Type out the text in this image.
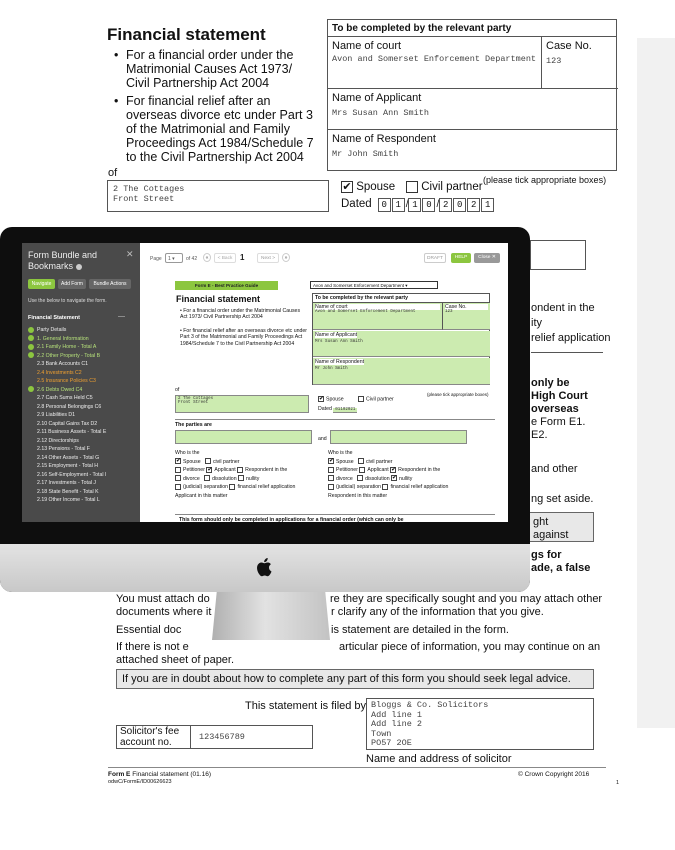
Financial statement
• For a financial order under the Matrimonial Causes Act 1973/ Civil Partnership Act 2004
• For financial relief after an overseas divorce etc under Part 3 of the Matrimonial and Family Proceedings Act 1984/Schedule 7 to the Civil Partnership Act 2004
To be completed by the relevant party
Name of court
Avon and Somerset Enforcement Department
Case No.
123
Name of Applicant
Mrs Susan Ann Smith
Name of Respondent
Mr John Smith
of
2 The Cottages
Front Street
✔ Spouse	Civil partner
(please tick appropriate boxes)
Dated 0 1 / 1 0 / 2 0 2 1
ondent in the
ity
relief application
only be
High Court
overseas
e Form E1.
E2.
and other
ng set aside.
ght against
gs for
ade, a false
You must attach do	re they are specifically sought and you may attach other
documents where it	r clarify any of the information that you give.
Essential doc	is statement are detailed in the form.
If there is not e	articular piece of information, you may continue on an
attached sheet of paper.
If you are in doubt about how to complete any part of this form you should seek legal advice.
This statement is filed by Bloggs & Co. Solicitors
Add line 1
Add line 2
Town
PO57 2OE
Solicitor's fee account no.	123456789
Name and address of solicitor
Form E Financial statement (01.16)
odwC/FormE/ID00626623
© Crown Copyright 2016
1
Form Bundle and Bookmarks
✕
Navigate	Add Form	Bundle Actions
Use the below to navigate the form.
Financial Statement	—
Party Details
1. General Information
2.1 Family Home - Total A
2.2 Other Property - Total B
2.3 Bank Accounts C1
2.4 Investments C2
2.5 Insurance Policies C3
2.6 Debts Owed C4
2.7 Cash Sums Held C5
2.8 Personal Belongings C6
2.9 Liabilities D1
2.10 Capital Gains Tax D2
2.11 Business Assets - Total E
2.12 Directorships
2.13 Pensions - Total F
2.14 Other Assets - Total G
2.15 Employment - Total H
2.16 Self-Employment - Total I
2.17 Investments - Total J
2.18 State Benefit - Total K
2.19 Other Income - Total L
Page	1 ▾	of 42	«	< Back 1	Next >	»	DRAFT	HELP	Close ✕
Form E - Best Practice Guide	Avon and Somerset Enforcement Department ▾
Financial statement
• For a financial order under the Matrimonial Causes Act 1973/ Civil Partnership Act 2004
• For financial relief after an overseas divorce etc under Part 3 of the Matrimonial and Family Proceedings Act 1984/Schedule 7 to the Civil Partnership Act 2004
To be completed by the relevant party
Name of court
Avon and Somerset Enforcement Department
Case No.
123
Name of Applicant
Mrs Susan Ann Smith
Name of Respondent
Mr John Smith
of
2 The Cottages
Front Street
✔ Spouse	Civil partner
(please tick appropriate boxes)
Dated 01102021
The parties are
and
Who is the
✔ Spouse civil partner
Petitioner ✔ Applicant Respondent in the
divorce dissolution nullity
(judicial) separation financial relief application
Applicant in this matter
Who is the
✔ Spouse civil partner
Petitioner Applicant ✔ Respondent in the
divorce dissolution ✔ nullity
(judicial) separation financial relief application
Respondent in this matter
This form should only be completed in applications for a financial order (which can only be
